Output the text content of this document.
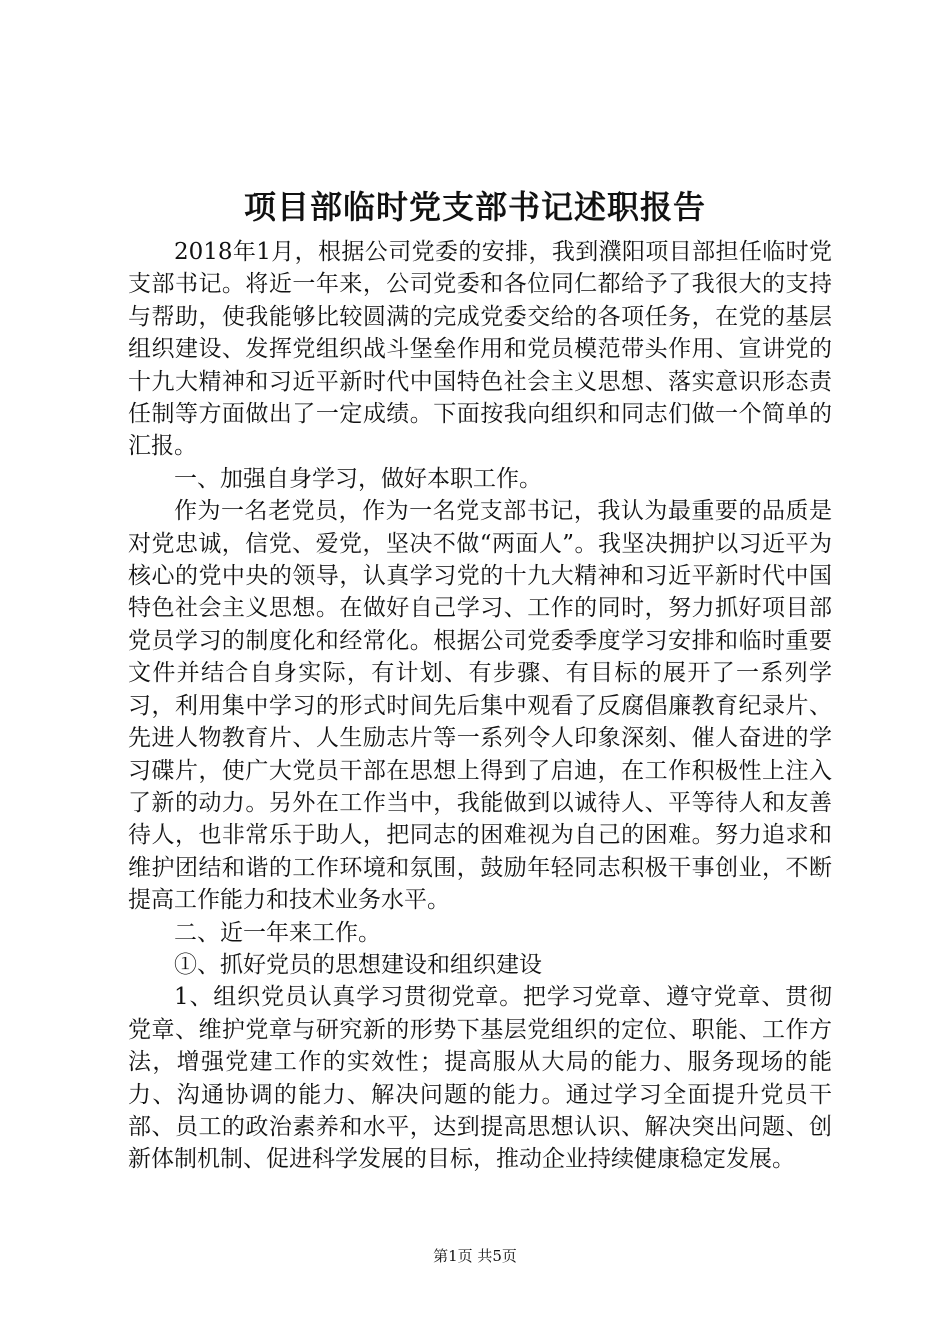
项目部临时党支部书记述职报告

2018年1月，根据公司党委的安排，我到濮阳项目部担任临时党支部书记。将近一年来，公司党委和各位同仁都给予了我很大的支持与帮助，使我能够比较圆满的完成党委交给的各项任务，在党的基层组织建设、发挥党组织战斗堡垒作用和党员模范带头作用、宣讲党的十九大精神和习近平新时代中国特色社会主义思想、落实意识形态责任制等方面做出了一定成绩。下面按我向组织和同志们做一个简单的汇报。

一、加强自身学习，做好本职工作。

作为一名老党员，作为一名党支部书记，我认为最重要的品质是对党忠诚，信党、爱党，坚决不做“两面人”。我坚决拥护以习近平为核心的党中央的领导，认真学习党的十九大精神和习近平新时代中国特色社会主义思想。在做好自己学习、工作的同时，努力抓好项目部党员学习的制度化和经常化。根据公司党委季度学习安排和临时重要文件并结合自身实际，有计划、有步骤、有目标的展开了一系列学习，利用集中学习的形式时间先后集中观看了反腐倡廉教育纪录片、先进人物教育片、人生励志片等一系列令人印象深刻、催人奋进的学习碟片，使广大党员干部在思想上得到了启迪，在工作积极性上注入了新的动力。另外在工作当中，我能做到以诚待人、平等待人和友善待人，也非常乐于助人，把同志的困难视为自己的困难。努力追求和维护团结和谐的工作环境和氛围，鼓励年轻同志积极干事创业，不断提高工作能力和技术业务水平。

二、近一年来工作。

①、抓好党员的思想建设和组织建设

1、组织党员认真学习贯彻党章。把学习党章、遵守党章、贯彻党章、维护党章与研究新的形势下基层党组织的定位、职能、工作方法，增强党建工作的实效性；提高服从大局的能力、服务现场的能力、沟通协调的能力、解决问题的能力。通过学习全面提升党员干部、员工的政治素养和水平，达到提高思想认识、解决突出问题、创新体制机制、促进科学发展的目标，推动企业持续健康稳定发展。

第1页 共5页
